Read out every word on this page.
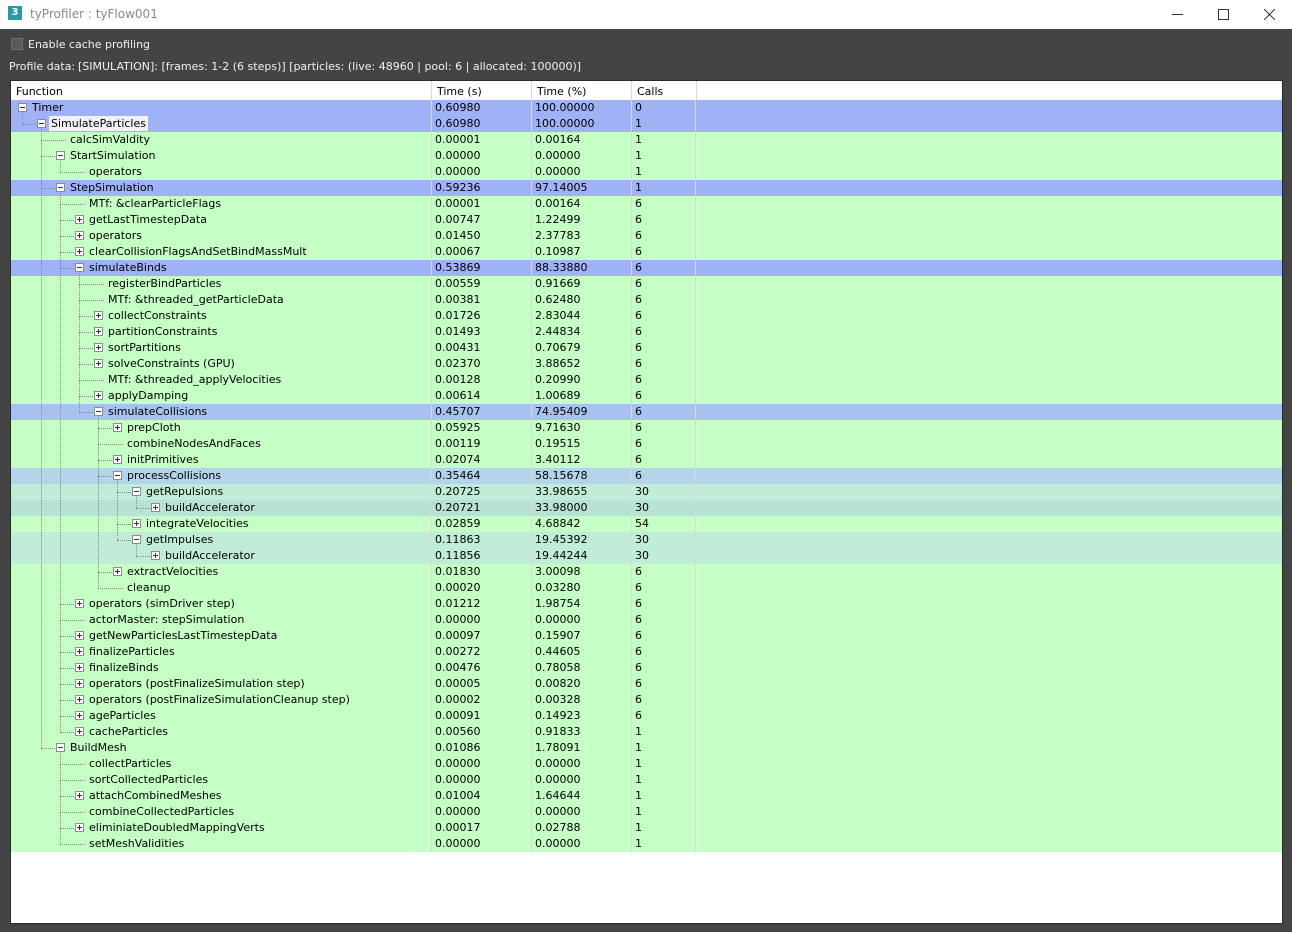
3 tyProfiler : tyFlow001
Enable cache profiling
Profile data: [SIMULATION]: [frames: 1-2 (6 steps)] [particles: (live: 48960 | pool: 6 | allocated: 100000)]
Function	Time (s)	Time (%)	Calls
Timer	0.60980	100.00000	0
SimulateParticles	0.60980	100.00000	1
calcSimValdity	0.00001	0.00164	1
StartSimulation	0.00000	0.00000	1
operators	0.00000	0.00000	1
StepSimulation	0.59236	97.14005	1
MTf: &clearParticleFlags	0.00001	0.00164	6
getLastTimestepData	0.00747	1.22499	6
operators	0.01450	2.37783	6
clearCollisionFlagsAndSetBindMassMult	0.00067	0.10987	6
simulateBinds	0.53869	88.33880	6
registerBindParticles	0.00559	0.91669	6
MTf: &threaded_getParticleData	0.00381	0.62480	6
collectConstraints	0.01726	2.83044	6
partitionConstraints	0.01493	2.44834	6
sortPartitions	0.00431	0.70679	6
solveConstraints (GPU)	0.02370	3.88652	6
MTf: &threaded_applyVelocities	0.00128	0.20990	6
applyDamping	0.00614	1.00689	6
simulateCollisions	0.45707	74.95409	6
prepCloth	0.05925	9.71630	6
combineNodesAndFaces	0.00119	0.19515	6
initPrimitives	0.02074	3.40112	6
processCollisions	0.35464	58.15678	6
getRepulsions	0.20725	33.98655	30
buildAccelerator	0.20721	33.98000	30
integrateVelocities	0.02859	4.68842	54
getImpulses	0.11863	19.45392	30
buildAccelerator	0.11856	19.44244	30
extractVelocities	0.01830	3.00098	6
cleanup	0.00020	0.03280	6
operators (simDriver step)	0.01212	1.98754	6
actorMaster: stepSimulation	0.00000	0.00000	6
getNewParticlesLastTimestepData	0.00097	0.15907	6
finalizeParticles	0.00272	0.44605	6
finalizeBinds	0.00476	0.78058	6
operators (postFinalizeSimulation step)	0.00005	0.00820	6
operators (postFinalizeSimulationCleanup step)	0.00002	0.00328	6
ageParticles	0.00091	0.14923	6
cacheParticles	0.00560	0.91833	1
BuildMesh	0.01086	1.78091	1
collectParticles	0.00000	0.00000	1
sortCollectedParticles	0.00000	0.00000	1
attachCombinedMeshes	0.01004	1.64644	1
combineCollectedParticles	0.00000	0.00000	1
eliminiateDoubledMappingVerts	0.00017	0.02788	1
setMeshValidities	0.00000	0.00000	1
